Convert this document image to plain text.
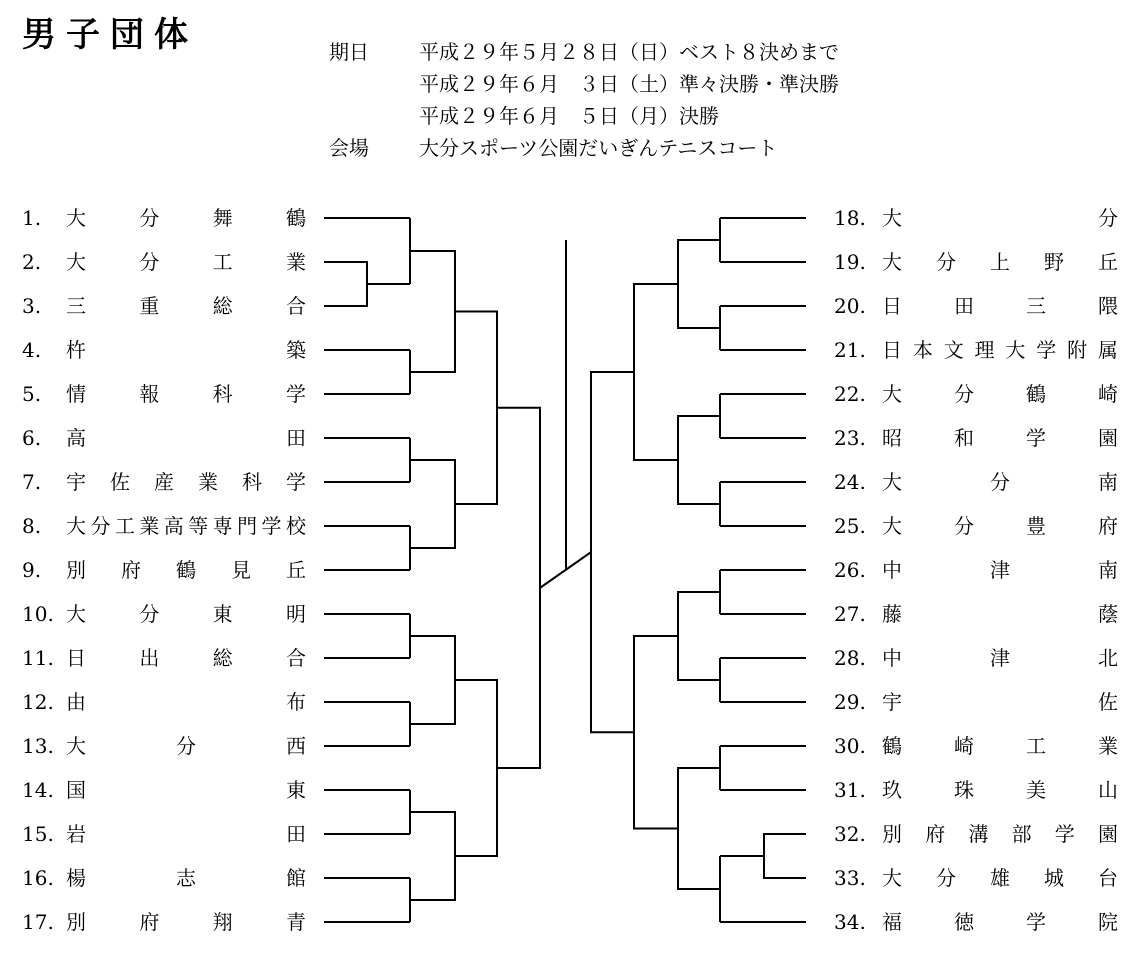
男子団体	期日	平成２９年５月２８日（日）ベスト８決めまで
平成２９年６月　３日（土）準々決勝・準決勝
平成２９年６月　５日（月）決勝
会場	大分スポーツ公園だいぎんテニスコート
1.	大	分	舞	鶴
2.	大	分	工	業
3.	三	重	総	合
4.	杵	築
5.	情	報	科	学
6.	高	田
7.	宇 佐 産 業 科 学
8.	大 分 工 業 高 等 専 門 学 校
9.	別 府 鶴 見 丘
10. 大	分	東	明
11. 日	出	総	合
12. 由	布
13. 大	分	西
14. 国	東
15. 岩	田
16. 楊	志	館
17. 別	府	翔	青
18. 大	分
19. 大 分 上 野 丘
20. 日	田	三	隈
21. 日 本 文 理 大 学 附 属
22. 大	分	鶴	崎
23. 昭	和	学	園
24. 大	分	南
25. 大	分	豊	府
26. 中	津	南
27. 藤	蔭
28. 中	津	北
29. 宇	佐
30. 鶴	崎	工	業
31. 玖	珠	美	山
32. 別 府 溝 部 学 園
33. 大 分 雄 城 台
34. 福	徳	学	院
